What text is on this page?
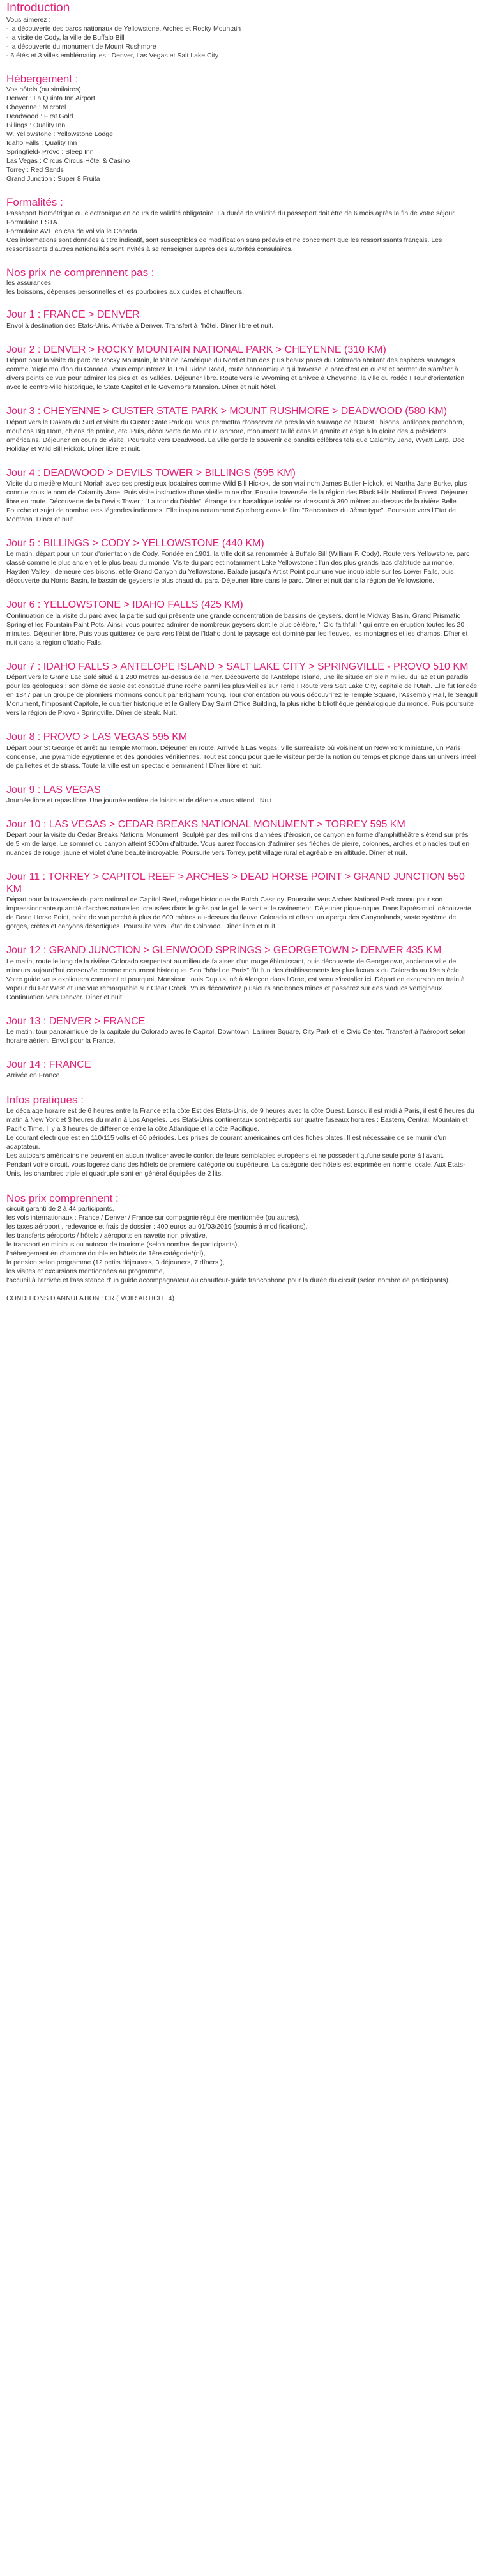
Introduction

Vous aimerez :

- la découverte des parcs nationaux de Yellowstone, Arches et Rocky Mountain

- la visite de Cody, la ville de Buffalo Bill

- la découverte du monument de Mount Rushmore

- 6 étés et 3 villes emblématiques : Denver, Las Vegas et Salt Lake City

Hébergement :

Vos hôtels (ou similaires)

Denver : La Quinta Inn Airport

Cheyenne : Microtel

Deadwood : First Gold

Billings : Quality Inn

W. Yellowstone : Yellowstone Lodge

Idaho Falls : Quality Inn

Springfield- Provo : Sleep Inn

Las Vegas : Circus Circus Hôtel & Casino

Torrey : Red Sands

Grand Junction : Super 8 Fruita

Formalités :

Passeport biométrique ou électronique en cours de validité obligatoire. La durée de validité du passeport doit être de 6 mois après la fin de votre séjour.
Formulaire ESTA.
Formulaire AVE en cas de vol via le Canada.
Ces informations sont données à titre indicatif, sont susceptibles de modification sans préavis et ne concernent que les ressortissants français. Les ressortissants d'autres nationalités sont invités à se renseigner auprès des autorités consulaires.

Nos prix ne comprennent pas :

les assurances,
les boissons, dépenses personnelles et les pourboires aux guides et chauffeurs.

Jour 1 : FRANCE > DENVER

Envol à destination des Etats-Unis. Arrivée à Denver. Transfert à l'hôtel. Dîner libre et nuit.

Jour 2 : DENVER > ROCKY MOUNTAIN NATIONAL PARK > CHEYENNE (310 KM)

Départ pour la visite du parc de Rocky Mountain, le toit de l'Amérique du Nord et l'un des plus beaux parcs du Colorado abritant des espèces sauvages comme l'aigle mouflon du Canada. Vous emprunterez la Trail Ridge Road, route panoramique qui traverse le parc d'est en ouest et permet de s'arrêter à divers points de vue pour admirer les pics et les vallées. Déjeuner libre. Route vers le Wyoming et arrivée à Cheyenne, la ville du rodéo ! Tour d'orientation avec le centre-ville historique, le State Capitol et le Governor's Mansion. Dîner et nuit hôtel.

Jour 3 : CHEYENNE > CUSTER STATE PARK > MOUNT RUSHMORE > DEADWOOD (580 KM)

Départ vers le Dakota du Sud et visite du Custer State Park qui vous permettra d'observer de près la vie sauvage de l'Ouest : bisons, antilopes pronghorn, mouflons Big Horn, chiens de prairie, etc. Puis, découverte de Mount Rushmore, monument taillé dans le granite et érigé à la gloire des 4 présidents américains. Déjeuner en cours de visite. Poursuite vers Deadwood. La ville garde le souvenir de bandits célèbres tels que Calamity Jane, Wyatt Earp, Doc Holiday et Wild Bill Hickok. Dîner libre et nuit.

Jour 4 : DEADWOOD > DEVILS TOWER > BILLINGS (595 KM)

Visite du cimetière Mount Moriah avec ses prestigieux locataires comme Wild Bill Hickok, de son vrai nom James Butler Hickok, et Martha Jane Burke, plus connue sous le nom de Calamity Jane. Puis visite instructive d'une vieille mine d'or. Ensuite traversée de la région des Black Hills National Forest. Déjeuner libre en route. Découverte de la Devils Tower : "La tour du Diable", étrange tour basaltique isolée se dressant à 390 mètres au-dessus de la rivière Belle Fourche et sujet de nombreuses légendes indiennes. Elle inspira notamment Spielberg dans le film "Rencontres du 3ème type". Poursuite vers l'Etat de Montana. Dîner et nuit.

Jour 5 : BILLINGS > CODY > YELLOWSTONE (440 KM)

Le matin, départ pour un tour d'orientation de Cody. Fondée en 1901, la ville doit sa renommée à Buffalo Bill (William F. Cody). Route vers Yellowstone, parc classé comme le plus ancien et le plus beau du monde. Visite du parc est notamment Lake Yellowstone : l'un des plus grands lacs d'altitude au monde, Hayden Valley : demeure des bisons, et le Grand Canyon du Yellowstone. Balade jusqu'à Artist Point pour une vue inoubliable sur les Lower Falls, puis découverte du Norris Basin, le bassin de geysers le plus chaud du parc. Déjeuner libre dans le parc. Dîner et nuit dans la région de Yellowstone.

Jour 6 : YELLOWSTONE > IDAHO FALLS (425 KM)

Continuation de la visite du parc avec la partie sud qui présente une grande concentration de bassins de geysers, dont le Midway Basin, Grand Prismatic Spring et les Fountain Paint Pots. Ainsi, vous pourrez admirer de nombreux geysers dont le plus célèbre, " Old faithfull " qui entre en éruption toutes les 20 minutes. Déjeuner libre. Puis vous quitterez ce parc vers l'état de l'Idaho dont le paysage est dominé par les fleuves, les montagnes et les champs. Dîner et nuit dans la région d'Idaho Falls.

Jour 7 : IDAHO FALLS > ANTELOPE ISLAND > SALT LAKE CITY > SPRINGVILLE - PROVO 510 KM

Départ vers le Grand Lac Salé situé à 1 280 mètres au-dessus de la mer. Découverte de l'Antelope Island, une île située en plein milieu du lac et un paradis pour les géologues : son dôme de sable est constitué d'une roche parmi les plus vieilles sur Terre ! Route vers Salt Lake City, capitale de l'Utah. Elle fut fondée en 1847 par un groupe de pionniers mormons conduit par Brigham Young. Tour d'orientation où vous découvrirez le Temple Square, l'Assembly Hall, le Seagull Monument, l'imposant Capitole, le quartier historique et le Gallery Day Saint Office Building, la plus riche bibliothèque généalogique du monde. Puis poursuite vers la région de Provo - Springville. Dîner de steak. Nuit.

Jour 8 : PROVO > LAS VEGAS 595 KM

Départ pour St George et arrêt au Temple Mormon. Déjeuner en route. Arrivée à Las Vegas, ville surréaliste où voisinent un New-York miniature, un Paris condensé, une pyramide égyptienne et des gondoles vénitiennes. Tout est conçu pour que le visiteur perde la notion du temps et plonge dans un univers irréel de paillettes et de strass. Toute la ville est un spectacle permanent ! Dîner libre et nuit.

Jour 9 : LAS VEGAS

Journée libre et repas libre. Une journée entière de loisirs et de détente vous attend ! Nuit.

Jour 10 : LAS VEGAS > CEDAR BREAKS NATIONAL MONUMENT > TORREY 595 KM

Départ pour la visite du Cedar Breaks National Monument. Sculpté par des millions d'années d'érosion, ce canyon en forme d'amphithéâtre s'étend sur près de 5 km de large. Le sommet du canyon atteint 3000m d'altitude. Vous aurez l'occasion d'admirer ses flèches de pierre, colonnes, arches et pinacles tout en nuances de rouge, jaune et violet d'une beauté incroyable. Poursuite vers Torrey, petit village rural et agréable en altitude. Dîner et nuit.

Jour 11 : TORREY > CAPITOL REEF > ARCHES > DEAD HORSE POINT > GRAND JUNCTION 550 KM

Départ pour la traversée du parc national de Capitol Reef, refuge historique de Butch Cassidy. Poursuite vers Arches National Park connu pour son impressionnante quantité d'arches naturelles, creusées dans le grès par le gel, le vent et le ravinement. Déjeuner pique-nique. Dans l'après-midi, découverte de Dead Horse Point, point de vue perché à plus de 600 mètres au-dessus du fleuve Colorado et offrant un aperçu des Canyonlands, vaste système de gorges, crêtes et canyons désertiques. Poursuite vers l'état de Colorado. Dîner libre et nuit.

Jour 12 : GRAND JUNCTION > GLENWOOD SPRINGS > GEORGETOWN > DENVER 435 KM

Le matin, route le long de la rivière Colorado serpentant au milieu de falaises d'un rouge éblouissant, puis découverte de Georgetown, ancienne ville de mineurs aujourd'hui conservée comme monument historique. Son "hôtel de Paris" fût l'un des établissements les plus luxueux du Colorado au 19e siècle. Votre guide vous expliquera comment et pourquoi, Monsieur Louis Dupuis, né à Alençon dans l'Orne, est venu s'installer ici. Départ en excursion en train à vapeur du Far West et une vue remarquable sur Clear Creek. Vous découvrirez plusieurs anciennes mines et passerez sur des viaducs vertigineux. Continuation vers Denver. Dîner et nuit.

Jour 13 : DENVER > FRANCE

Le matin, tour panoramique de la capitale du Colorado avec le Capitol, Downtown, Larimer Square, City Park et le Civic Center. Transfert à l'aéroport selon horaire aérien. Envol pour la France.

Jour 14 : FRANCE

Arrivée en France.

Infos pratiques :

Le décalage horaire est de 6 heures entre la France et la côte Est des Etats-Unis, de 9 heures avec la côte Ouest. Lorsqu'il est midi à Paris, il est 6 heures du matin à New York et 3 heures du matin à Los Angeles. Les Etats-Unis continentaux sont répartis sur quatre fuseaux horaires : Eastern, Central, Mountain et Pacific Time. Il y a 3 heures de différence entre la côte Atlantique et la côte Pacifique.
Le courant électrique est en 110/115 volts et 60 périodes. Les prises de courant américaines ont des fiches plates. Il est nécessaire de se munir d'un adaptateur.
Les autocars américains ne peuvent en aucun rivaliser avec le confort de leurs semblables européens et ne possèdent qu'une seule porte à l'avant.
Pendant votre circuit, vous logerez dans des hôtels de première catégorie ou supérieure. La catégorie des hôtels est exprimée en norme locale. Aux Etats-Unis, les chambres triple et quadruple sont en général équipées de 2 lits.

Nos prix comprennent :

circuit garanti de 2 à 44 participants,
les vols internationaux : France / Denver / France sur compagnie régulière mentionnée (ou autres),
les taxes aéroport , redevance et frais de dossier : 400 euros au 01/03/2019 (soumis à modifications),
les transferts aéroports / hôtels / aéroports en navette non privative,
le transport en minibus ou autocar de tourisme (selon nombre de participants),
l'hébergement en chambre double en hôtels de 1ère catégorie*(nl),
la pension selon programme (12 petits déjeuners, 3 déjeuners, 7 dîners ),
les visites et excursions mentionnées au programme,
l'accueil à l'arrivée et l'assistance d'un guide accompagnateur ou chauffeur-guide francophone pour la durée du circuit (selon nombre de participants).

CONDITIONS D'ANNULATION : CR ( VOIR ARTICLE 4)
